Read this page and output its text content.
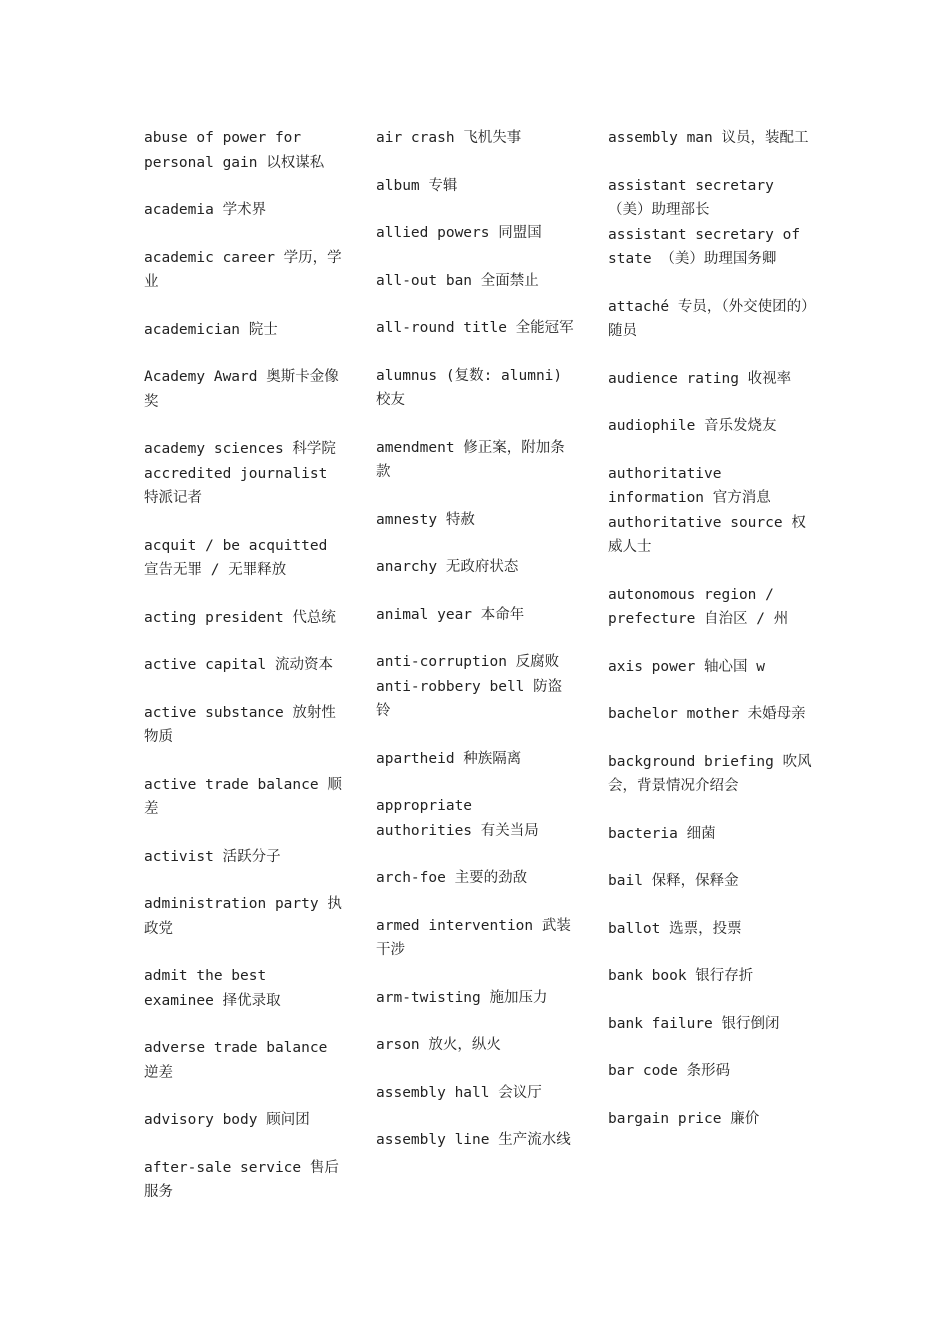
abuse of power for personal gain 以权谋私
academia 学术界
academic career 学历，学业
academician 院士
Academy Award 奥斯卡金像奖
academy sciences 科学院
accredited journalist 特派记者
acquit / be acquitted 宣告无罪 / 无罪释放
acting president 代总统
active capital 流动资本
active substance 放射性物质
active trade balance 顺差
activist 活跃分子
administration party 执政党
admit the best examinee 择优录取
adverse trade balance 逆差
advisory body 顾问团
after-sale service 售后服务
air crash 飞机失事
album 专辑
allied powers 同盟国
all-out ban 全面禁止
all-round title 全能冠军
alumnus (复数: alumni) 校友
amendment 修正案，附加条款
amnesty 特赦
anarchy 无政府状态
animal year 本命年
anti-corruption 反腐败
anti-robbery bell 防盗铃
apartheid 种族隔离
appropriate authorities 有关当局
arch-foe 主要的劲敌
armed intervention 武装干涉
arm-twisting 施加压力
arson 放火，纵火
assembly hall 会议厅
assembly line 生产流水线
assembly man 议员，装配工
assistant secretary （美）助理部长
assistant secretary of state （美）助理国务卿
attaché 专员，（外交使团的）随员
audience rating 收视率
audiophile 音乐发烧友
authoritative information 官方消息
authoritative source 权威人士
autonomous region / prefecture 自治区 / 州
axis power 轴心国 w
bachelor mother 未婚母亲
background briefing 吹风会，背景情况介绍会
bacteria 细菌
bail 保释，保释金
ballot 选票，投票
bank book 银行存折
bank failure 银行倒闭
bar code 条形码
bargain price 廉价
